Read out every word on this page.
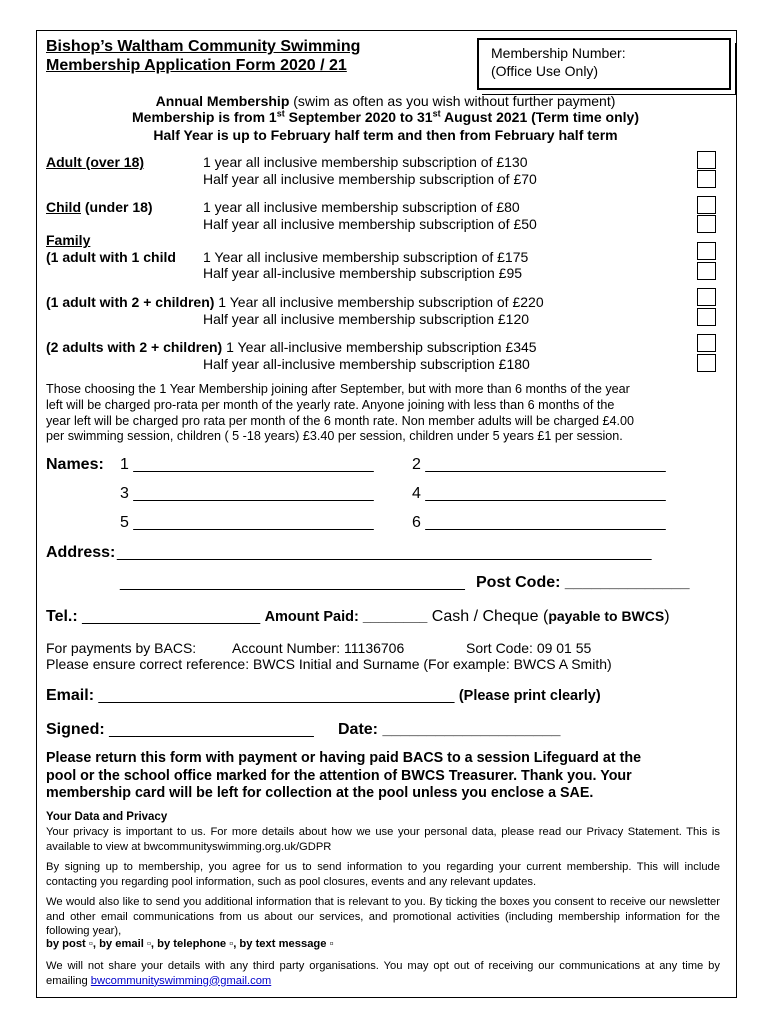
Bishop’s Waltham Community Swimming
Membership Application Form 2020 / 21
Membership Number:
(Office Use Only)
Annual Membership (swim as often as you wish without further payment)
Membership is from 1st September 2020 to 31st August 2021 (Term time only)
Half Year is up to February half term and then from February half term
Adult (over 18)	1 year all inclusive membership subscription of £130
Half year all inclusive membership subscription of £70
Child (under 18)	1 year all inclusive membership subscription of £80
Half year all inclusive membership subscription of £50
Family
(1 adult with 1 child 1 Year all inclusive membership subscription of £175
Half year all-inclusive membership subscription £95
(1 adult with 2 + children) 1 Year all inclusive membership subscription of £220
Half year all inclusive membership subscription £120
(2 adults with 2 + children) 1 Year all-inclusive membership subscription £345
Half year all-inclusive membership subscription £180
Those choosing the 1 Year Membership joining after September, but with more than 6 months of the year
left will be charged pro-rata per month of the yearly rate. Anyone joining with less than 6 months of the
year left will be charged pro rata per month of the 6 month rate. Non member adults will be charged £4.00
per swimming session, children ( 5 -18 years) £3.40 per session, children under 5 years £1 per session.
Names: 1 ___________________________ 2 ___________________________
3 ___________________________ 4 ___________________________
5 ___________________________ 6 ___________________________
Address: ______________________________________________________________
________________________________________ Post Code: ______________
Tel.: ____________________ Amount Paid: ________ Cash / Cheque (payable to BWCS)
For payments by BACS:	Account Number: 11136706	Sort Code: 09 01 55
Please ensure correct reference: BWCS Initial and Surname (For example: BWCS A Smith)
Email: ________________________________________ (Please print clearly)
Signed: _______________________ Date: ____________________
Please return this form with payment or having paid BACS to a session Lifeguard at the
pool or the school office marked for the attention of BWCS Treasurer. Thank you. Your
membership card will be left for collection at the pool unless you enclose a SAE.
Your Data and Privacy
Your privacy is important to us. For more details about how we use your personal data, please read our Privacy Statement. This is available to view at bwcommunityswimming.org.uk/GDPR
By signing up to membership, you agree for us to send information to you regarding your current membership. This will include contacting you regarding pool information, such as pool closures, events and any relevant updates.
We would also like to send you additional information that is relevant to you. By ticking the boxes you consent to receive our newsletter and other email communications from us about our services, and promotional activities (including membership information for the following year),
by post ▫, by email ▫, by telephone ▫, by text message ▫
We will not share your details with any third party organisations. You may opt out of receiving our communications at any time by emailing bwcommunityswimming@gmail.com
